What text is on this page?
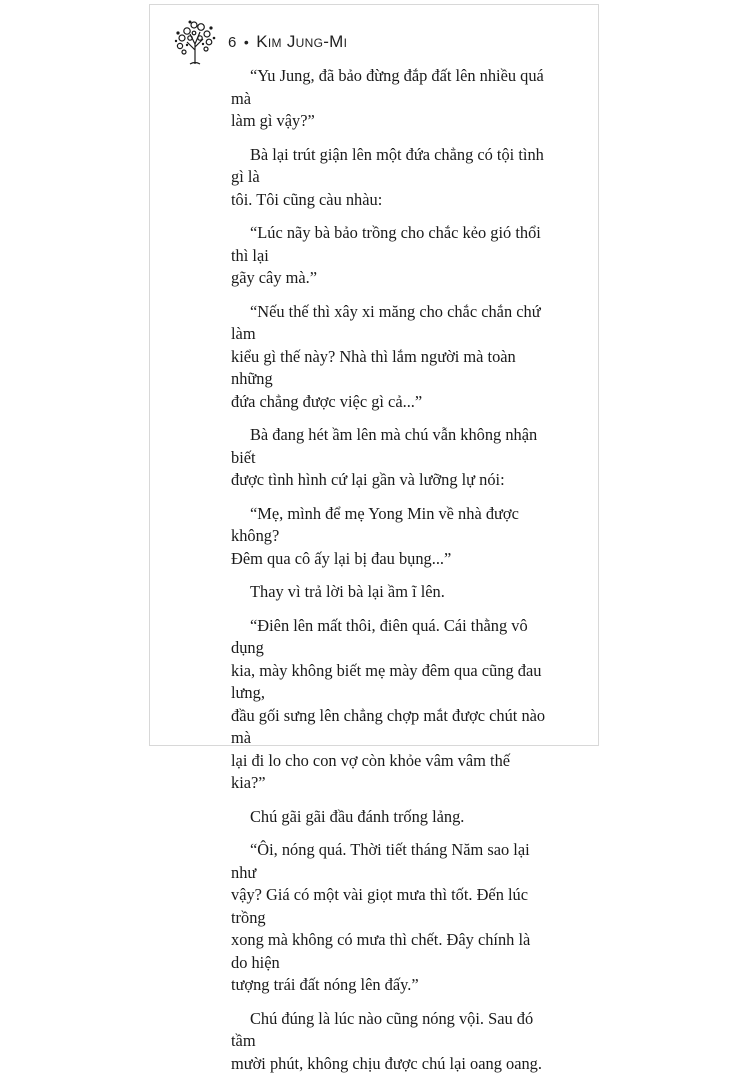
6 • Kim Jung-Mi

“Yu Jung, đã bảo đừng đắp đất lên nhiều quá mà
làm gì vậy?”

Bà lại trút giận lên một đứa chẳng có tội tình gì là
tôi. Tôi cũng càu nhàu:

“Lúc nãy bà bảo trồng cho chắc kẻo gió thổi thì lại
gãy cây mà.”

“Nếu thế thì xây xi măng cho chắc chắn chứ làm
kiểu gì thế này? Nhà thì lắm người mà toàn những
đứa chẳng được việc gì cả...”

Bà đang hét ầm lên mà chú vẫn không nhận biết
được tình hình cứ lại gần và lưỡng lự nói:

“Mẹ, mình để mẹ Yong Min về nhà được không?
Đêm qua cô ấy lại bị đau bụng...”

Thay vì trả lời bà lại ầm ĩ lên.

“Điên lên mất thôi, điên quá. Cái thằng vô dụng
kia, mày không biết mẹ mày đêm qua cũng đau lưng,
đầu gối sưng lên chẳng chợp mắt được chút nào mà
lại đi lo cho con vợ còn khỏe vâm vâm thế kia?”

Chú gãi gãi đầu đánh trống lảng.

“Ôi, nóng quá. Thời tiết tháng Năm sao lại như
vậy? Giá có một vài giọt mưa thì tốt. Đến lúc trồng
xong mà không có mưa thì chết. Đây chính là do hiện
tượng trái đất nóng lên đấy.”

Chú đúng là lúc nào cũng nóng vội. Sau đó tầm
mười phút, không chịu được chú lại oang oang.
